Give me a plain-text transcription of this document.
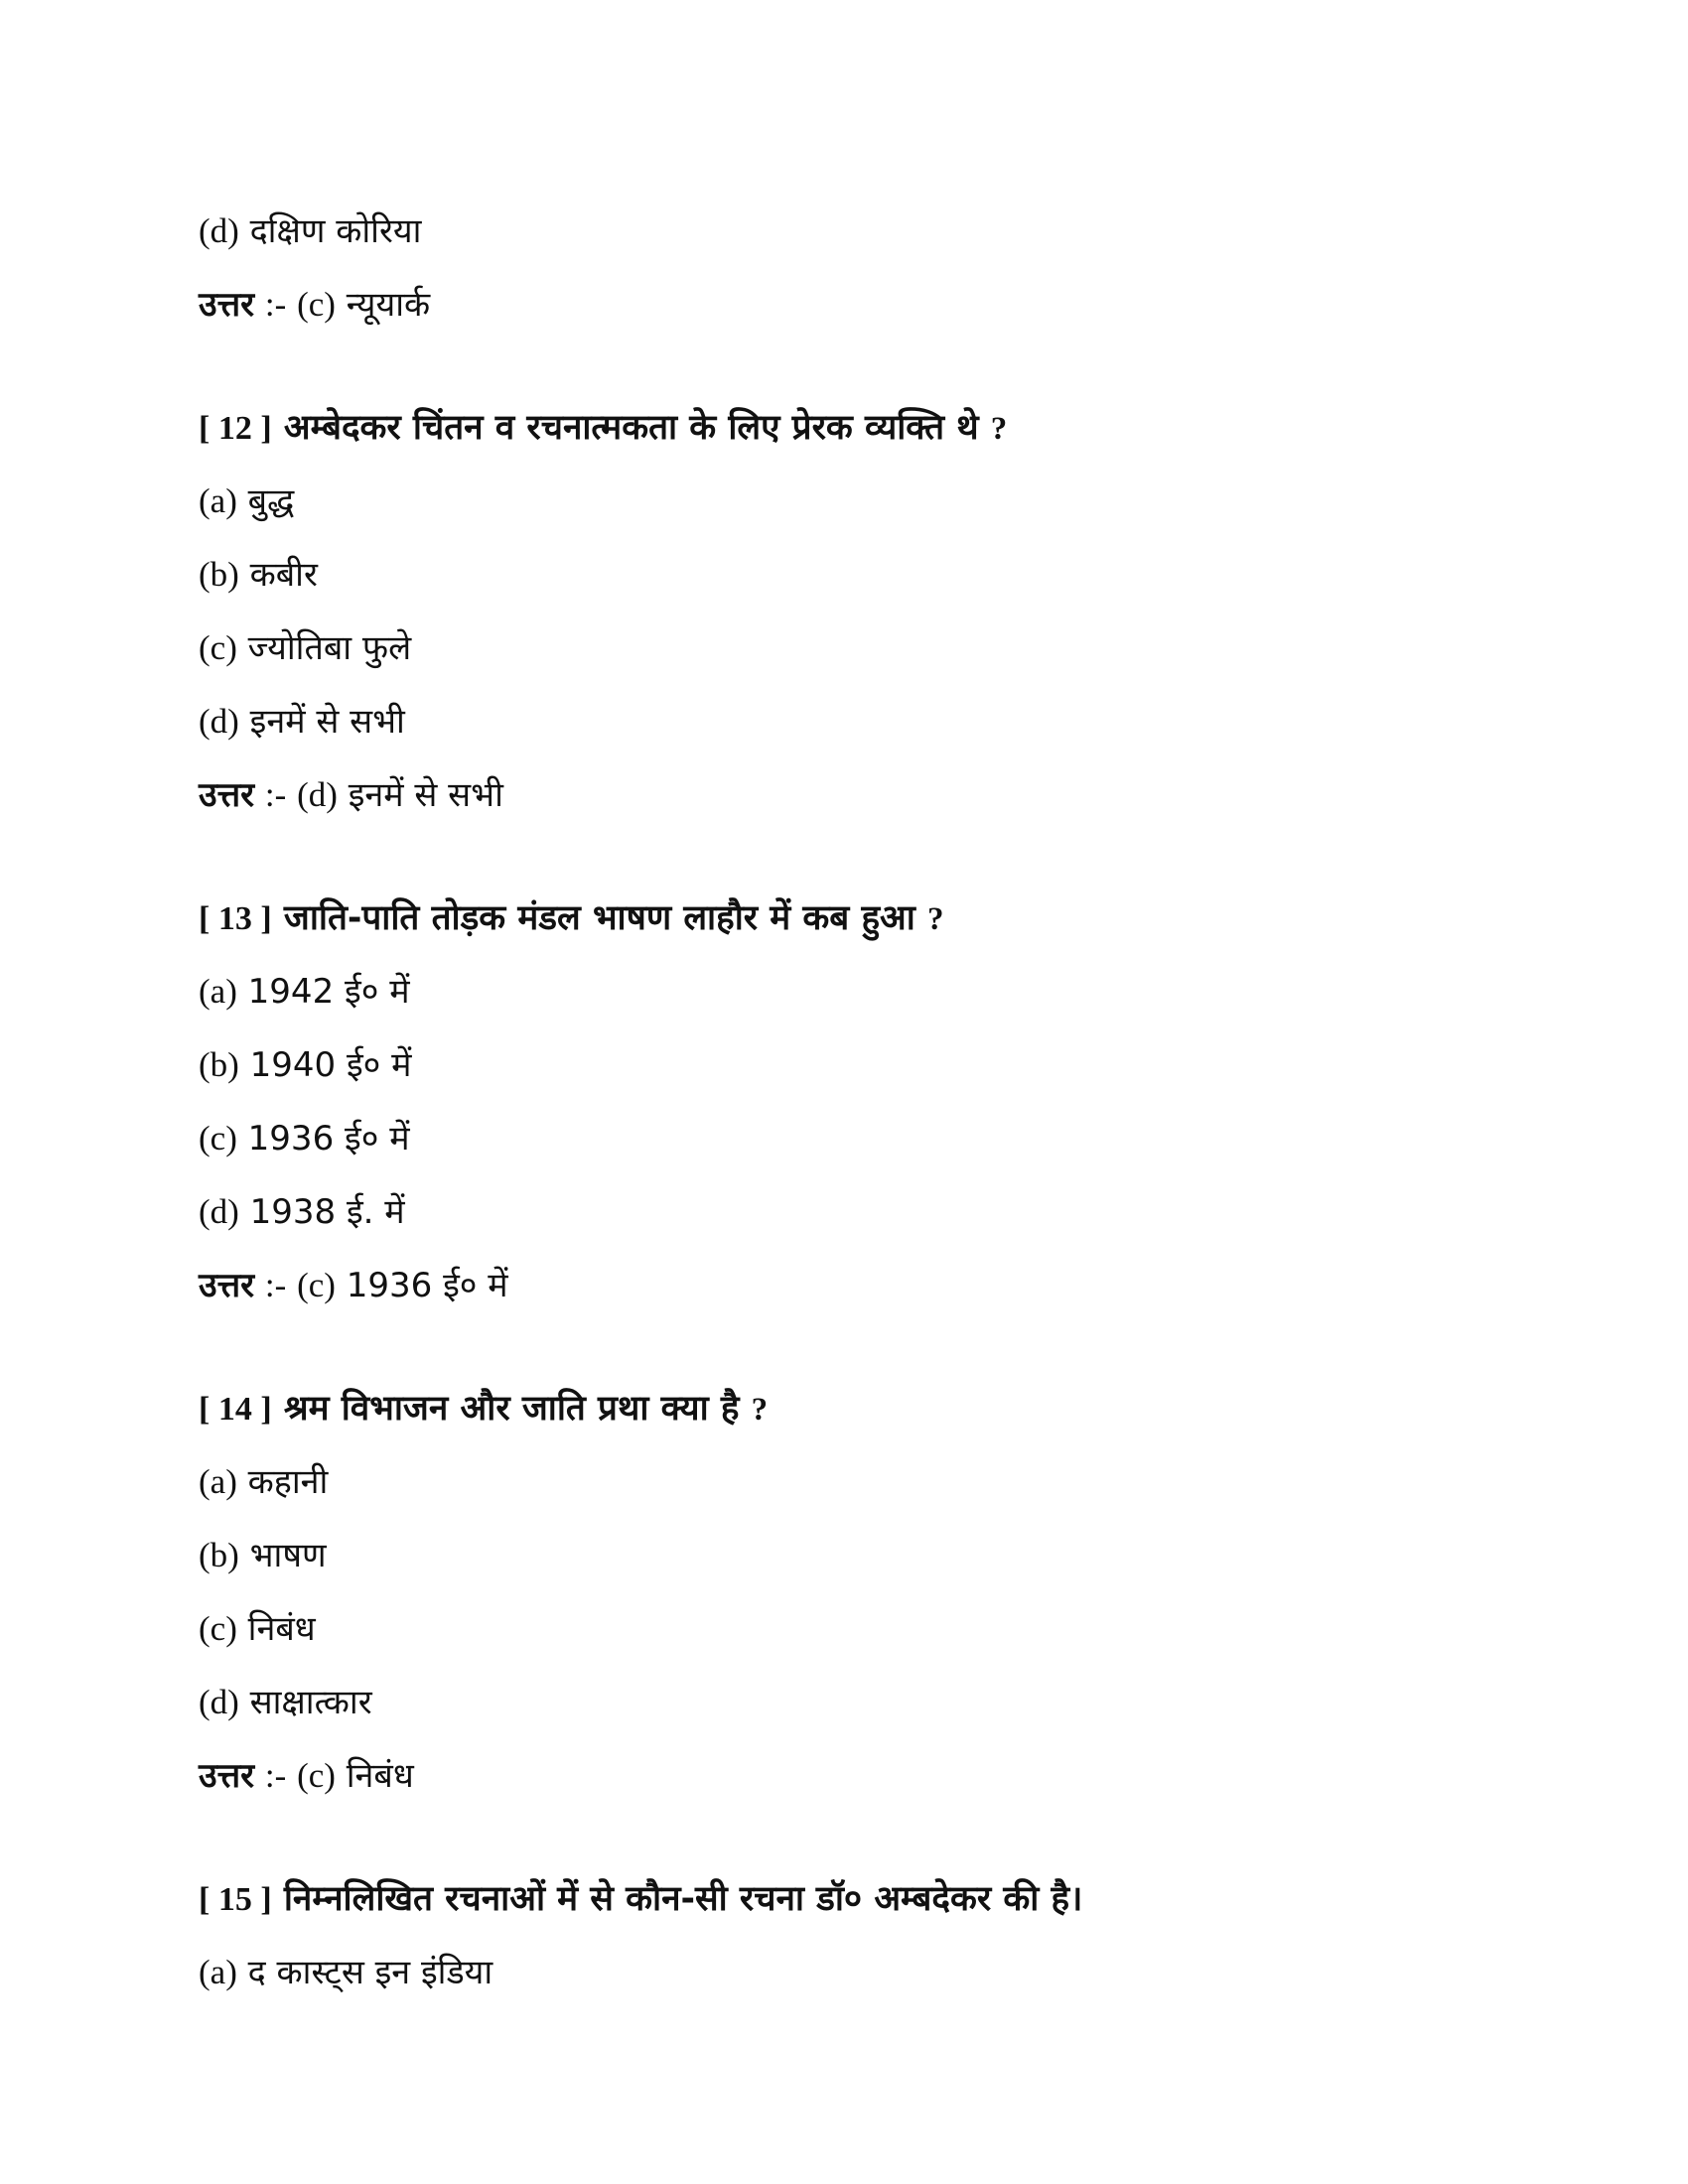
(d) दक्षिण कोरिया
उत्तर :- (c) न्यूयार्क
[ 12 ] अम्बेदकर चिंतन व रचनात्मकता के लिए प्रेरक व्यक्ति थे ?
(a) बुद्ध
(b) कबीर
(c) ज्योतिबा फुले
(d) इनमें से सभी
उत्तर :- (d) इनमें से सभी
[ 13 ] जाति-पाति तोड़क मंडल भाषण लाहौर में कब हुआ ?
(a) 1942 ई० में
(b) 1940 ई० में
(c) 1936 ई० में
(d) 1938 ई. में
उत्तर :- (c) 1936 ई० में
[ 14 ] श्रम विभाजन और जाति प्रथा क्या है ?
(a) कहानी
(b) भाषण
(c) निबंध
(d) साक्षात्कार
उत्तर :- (c) निबंध
[ 15 ] निम्नलिखित रचनाओं में से कौन-सी रचना डॉ० अम्बदेकर की है।
(a) द कास्ट्स इन इंडिया
